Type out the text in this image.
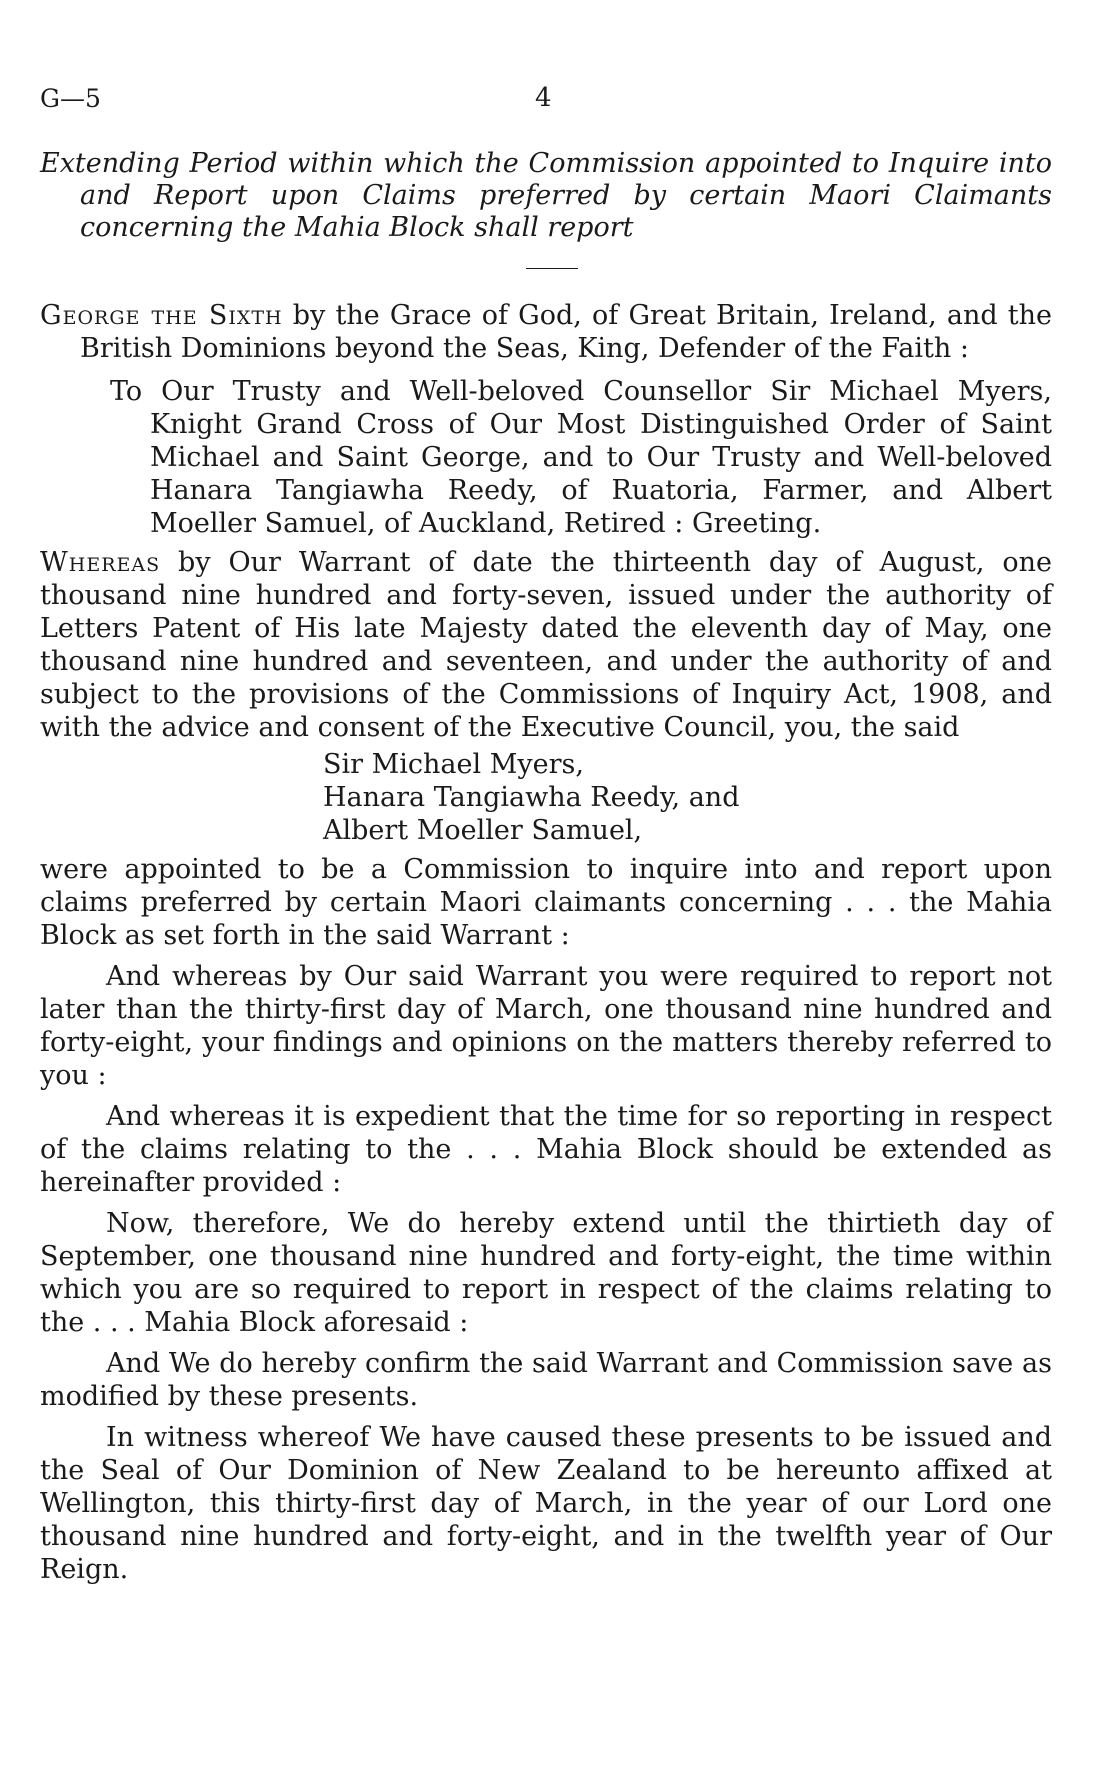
G—5	4
Extending Period within which the Commission appointed to Inquire into and Report upon Claims preferred by certain Maori Claimants concerning the Mahia Block shall report

George the Sixth by the Grace of God, of Great Britain, Ireland, and the British Dominions beyond the Seas, King, Defender of the Faith :

To Our Trusty and Well-beloved Counsellor Sir Michael Myers, Knight Grand Cross of Our Most Distinguished Order of Saint Michael and Saint George, and to Our Trusty and Well-beloved Hanara Tangiawha Reedy, of Ruatoria, Farmer, and Albert Moeller Samuel, of Auckland, Retired : Greeting.

Whereas by Our Warrant of date the thirteenth day of August, one thousand nine hundred and forty-seven, issued under the authority of Letters Patent of His late Majesty dated the eleventh day of May, one thousand nine hundred and seventeen, and under the authority of and subject to the provisions of the Commissions of Inquiry Act, 1908, and with the advice and consent of the Executive Council, you, the said

Sir Michael Myers,
Hanara Tangiawha Reedy, and
Albert Moeller Samuel,

were appointed to be a Commission to inquire into and report upon claims preferred by certain Maori claimants concerning . . . the Mahia Block as set forth in the said Warrant :

And whereas by Our said Warrant you were required to report not later than the thirty-first day of March, one thousand nine hundred and forty-eight, your findings and opinions on the matters thereby referred to you :

And whereas it is expedient that the time for so reporting in respect of the claims relating to the . . . Mahia Block should be extended as hereinafter provided :

Now, therefore, We do hereby extend until the thirtieth day of September, one thousand nine hundred and forty-eight, the time within which you are so required to report in respect of the claims relating to the . . . Mahia Block aforesaid :

And We do hereby confirm the said Warrant and Commission save as modified by these presents.

In witness whereof We have caused these presents to be issued and the Seal of Our Dominion of New Zealand to be hereunto affixed at Wellington, this thirty-first day of March, in the year of our Lord one thousand nine hundred and forty-eight, and in the twelfth year of Our Reign.
